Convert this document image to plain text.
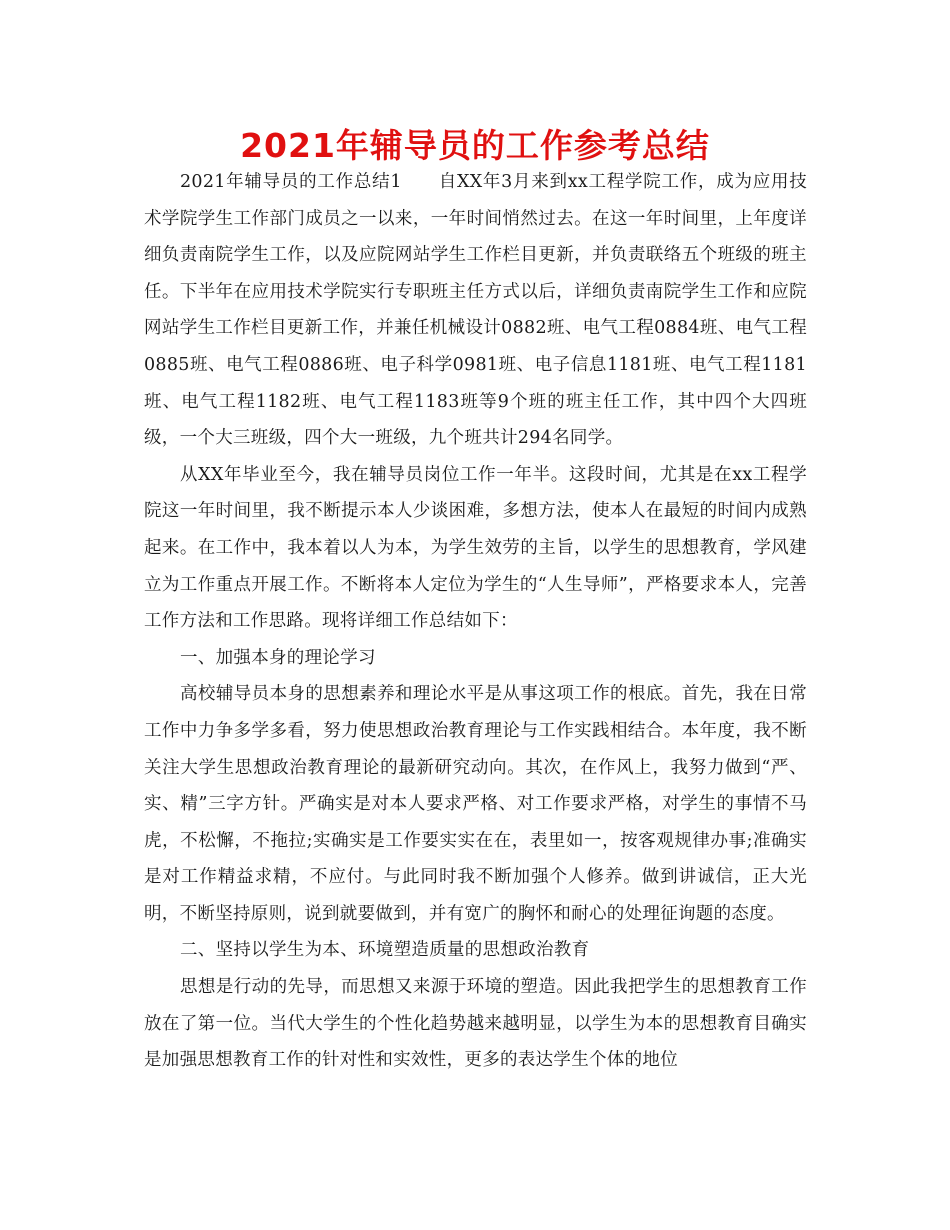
2021年辅导员的工作参考总结

2021年辅导员的工作总结1　　自XX年3月来到xx工程学院工作，成为应用技术学院学生工作部门成员之一以来，一年时间悄然过去。在这一年时间里，上年度详细负责南院学生工作，以及应院网站学生工作栏目更新，并负责联络五个班级的班主任。下半年在应用技术学院实行专职班主任方式以后，详细负责南院学生工作和应院网站学生工作栏目更新工作，并兼任机械设计0882班、电气工程0884班、电气工程0885班、电气工程0886班、电子科学0981班、电子信息1181班、电气工程1181班、电气工程1182班、电气工程1183班等9个班的班主任工作，其中四个大四班级，一个大三班级，四个大一班级，九个班共计294名同学。

从XX年毕业至今，我在辅导员岗位工作一年半。这段时间，尤其是在xx工程学院这一年时间里，我不断提示本人少谈困难，多想方法，使本人在最短的时间内成熟起来。在工作中，我本着以人为本，为学生效劳的主旨，以学生的思想教育，学风建立为工作重点开展工作。不断将本人定位为学生的“人生导师”，严格要求本人，完善工作方法和工作思路。现将详细工作总结如下：

一、加强本身的理论学习

高校辅导员本身的思想素养和理论水平是从事这项工作的根底。首先，我在日常工作中力争多学多看，努力使思想政治教育理论与工作实践相结合。本年度，我不断关注大学生思想政治教育理论的最新研究动向。其次，在作风上，我努力做到“严、实、精”三字方针。严确实是对本人要求严格、对工作要求严格，对学生的事情不马虎，不松懈，不拖拉;实确实是工作要实实在在，表里如一，按客观规律办事;准确实是对工作精益求精，不应付。与此同时我不断加强个人修养。做到讲诚信，正大光明，不断坚持原则，说到就要做到，并有宽广的胸怀和耐心的处理征询题的态度。

二、坚持以学生为本、环境塑造质量的思想政治教育

思想是行动的先导，而思想又来源于环境的塑造。因此我把学生的思想教育工作放在了第一位。当代大学生的个性化趋势越来越明显，以学生为本的思想教育目确实是加强思想教育工作的针对性和实效性，更多的表达学生个体的地位
